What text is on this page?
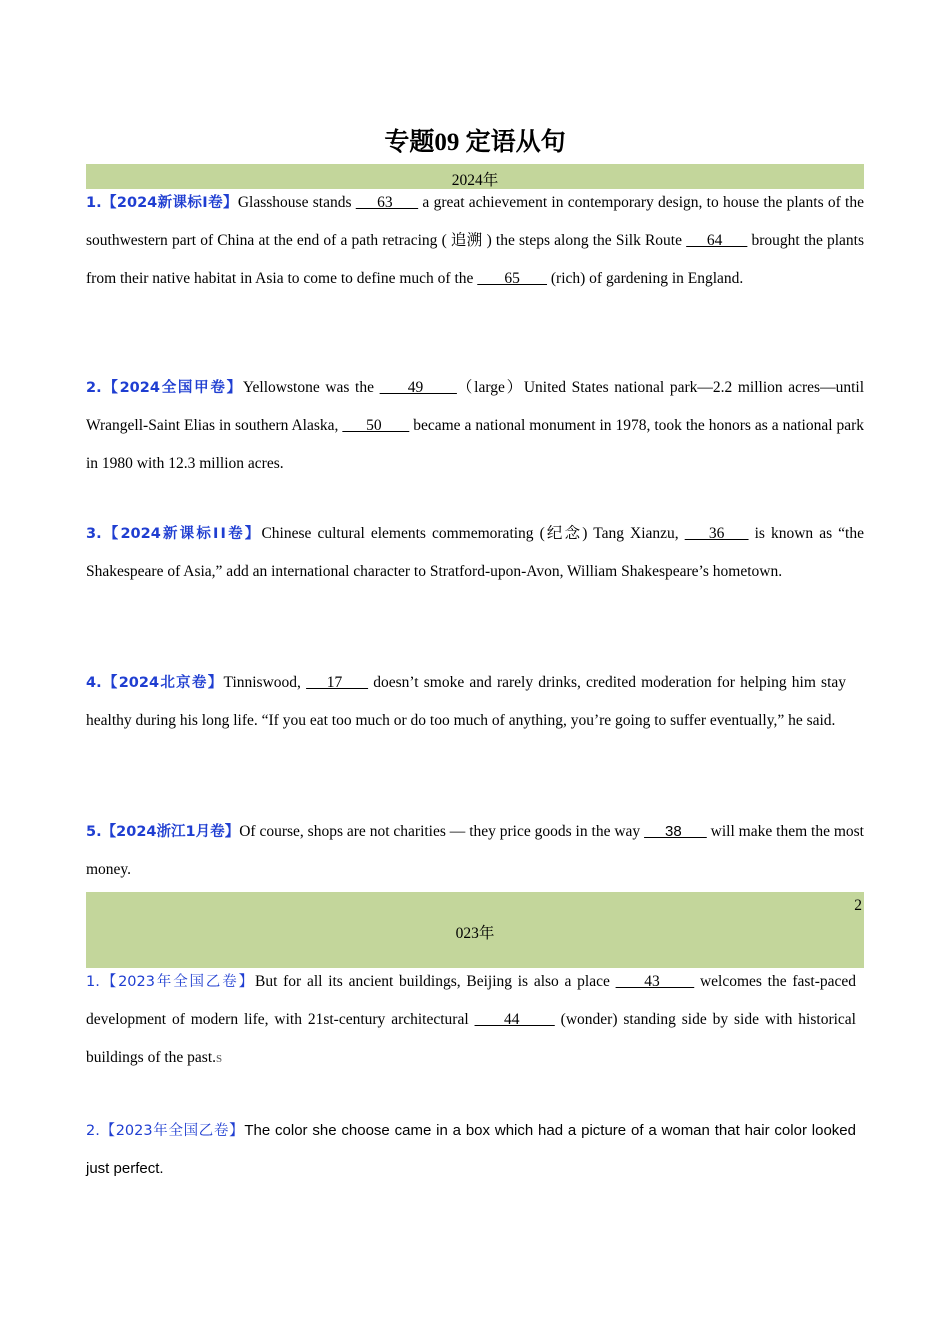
专题09 定语从句
2024年
1.【2024新课标Ⅰ卷】Glasshouse stands      63       a great achievement in contemporary design, to house the plants of the southwestern part of China at the end of a path retracing ( 追溯 ) the steps along the Silk Route      64       brought the plants from their native habitat in Asia to come to define much of the        65        (rich) of gardening in England.
2.【2024全国甲卷】Yellowstone was the      49      （large）United States national park—2.2 million acres—until Wrangell-Saint Elias in southern Alaska,       50        became a national monument in 1978, took the honors as a national park in 1980 with 12.3 million acres.
3.【2024新课标ⅠⅠ卷】Chinese cultural elements commemorating (纪念) Tang Xianzu,     36     is known as “the Shakespeare of Asia,” add an international character to Stratford-upon-Avon, William Shakespeare’s hometown.
4.【2024北京卷】Tinniswood,     17      doesn’t smoke and rarely drinks, credited moderation for helping him stay healthy during his long life. “If you eat too much or do too much of anything, you’re going to suffer eventually,” he said.
5.【2024浙江1月卷】Of course, shops are not charities — they price goods in the way      38       will make them the most money.
2
023年
1.【2023年全国乙卷】But for all its ancient buildings, Beijing is also a place      43       welcomes the fast-paced development of modern life, with 21st-century architectural      44       (wonder) standing side by side with historical buildings of the past.S
2.【2023年全国乙卷】The color she choose came in a box which had a picture of a woman that hair color looked just perfect.
